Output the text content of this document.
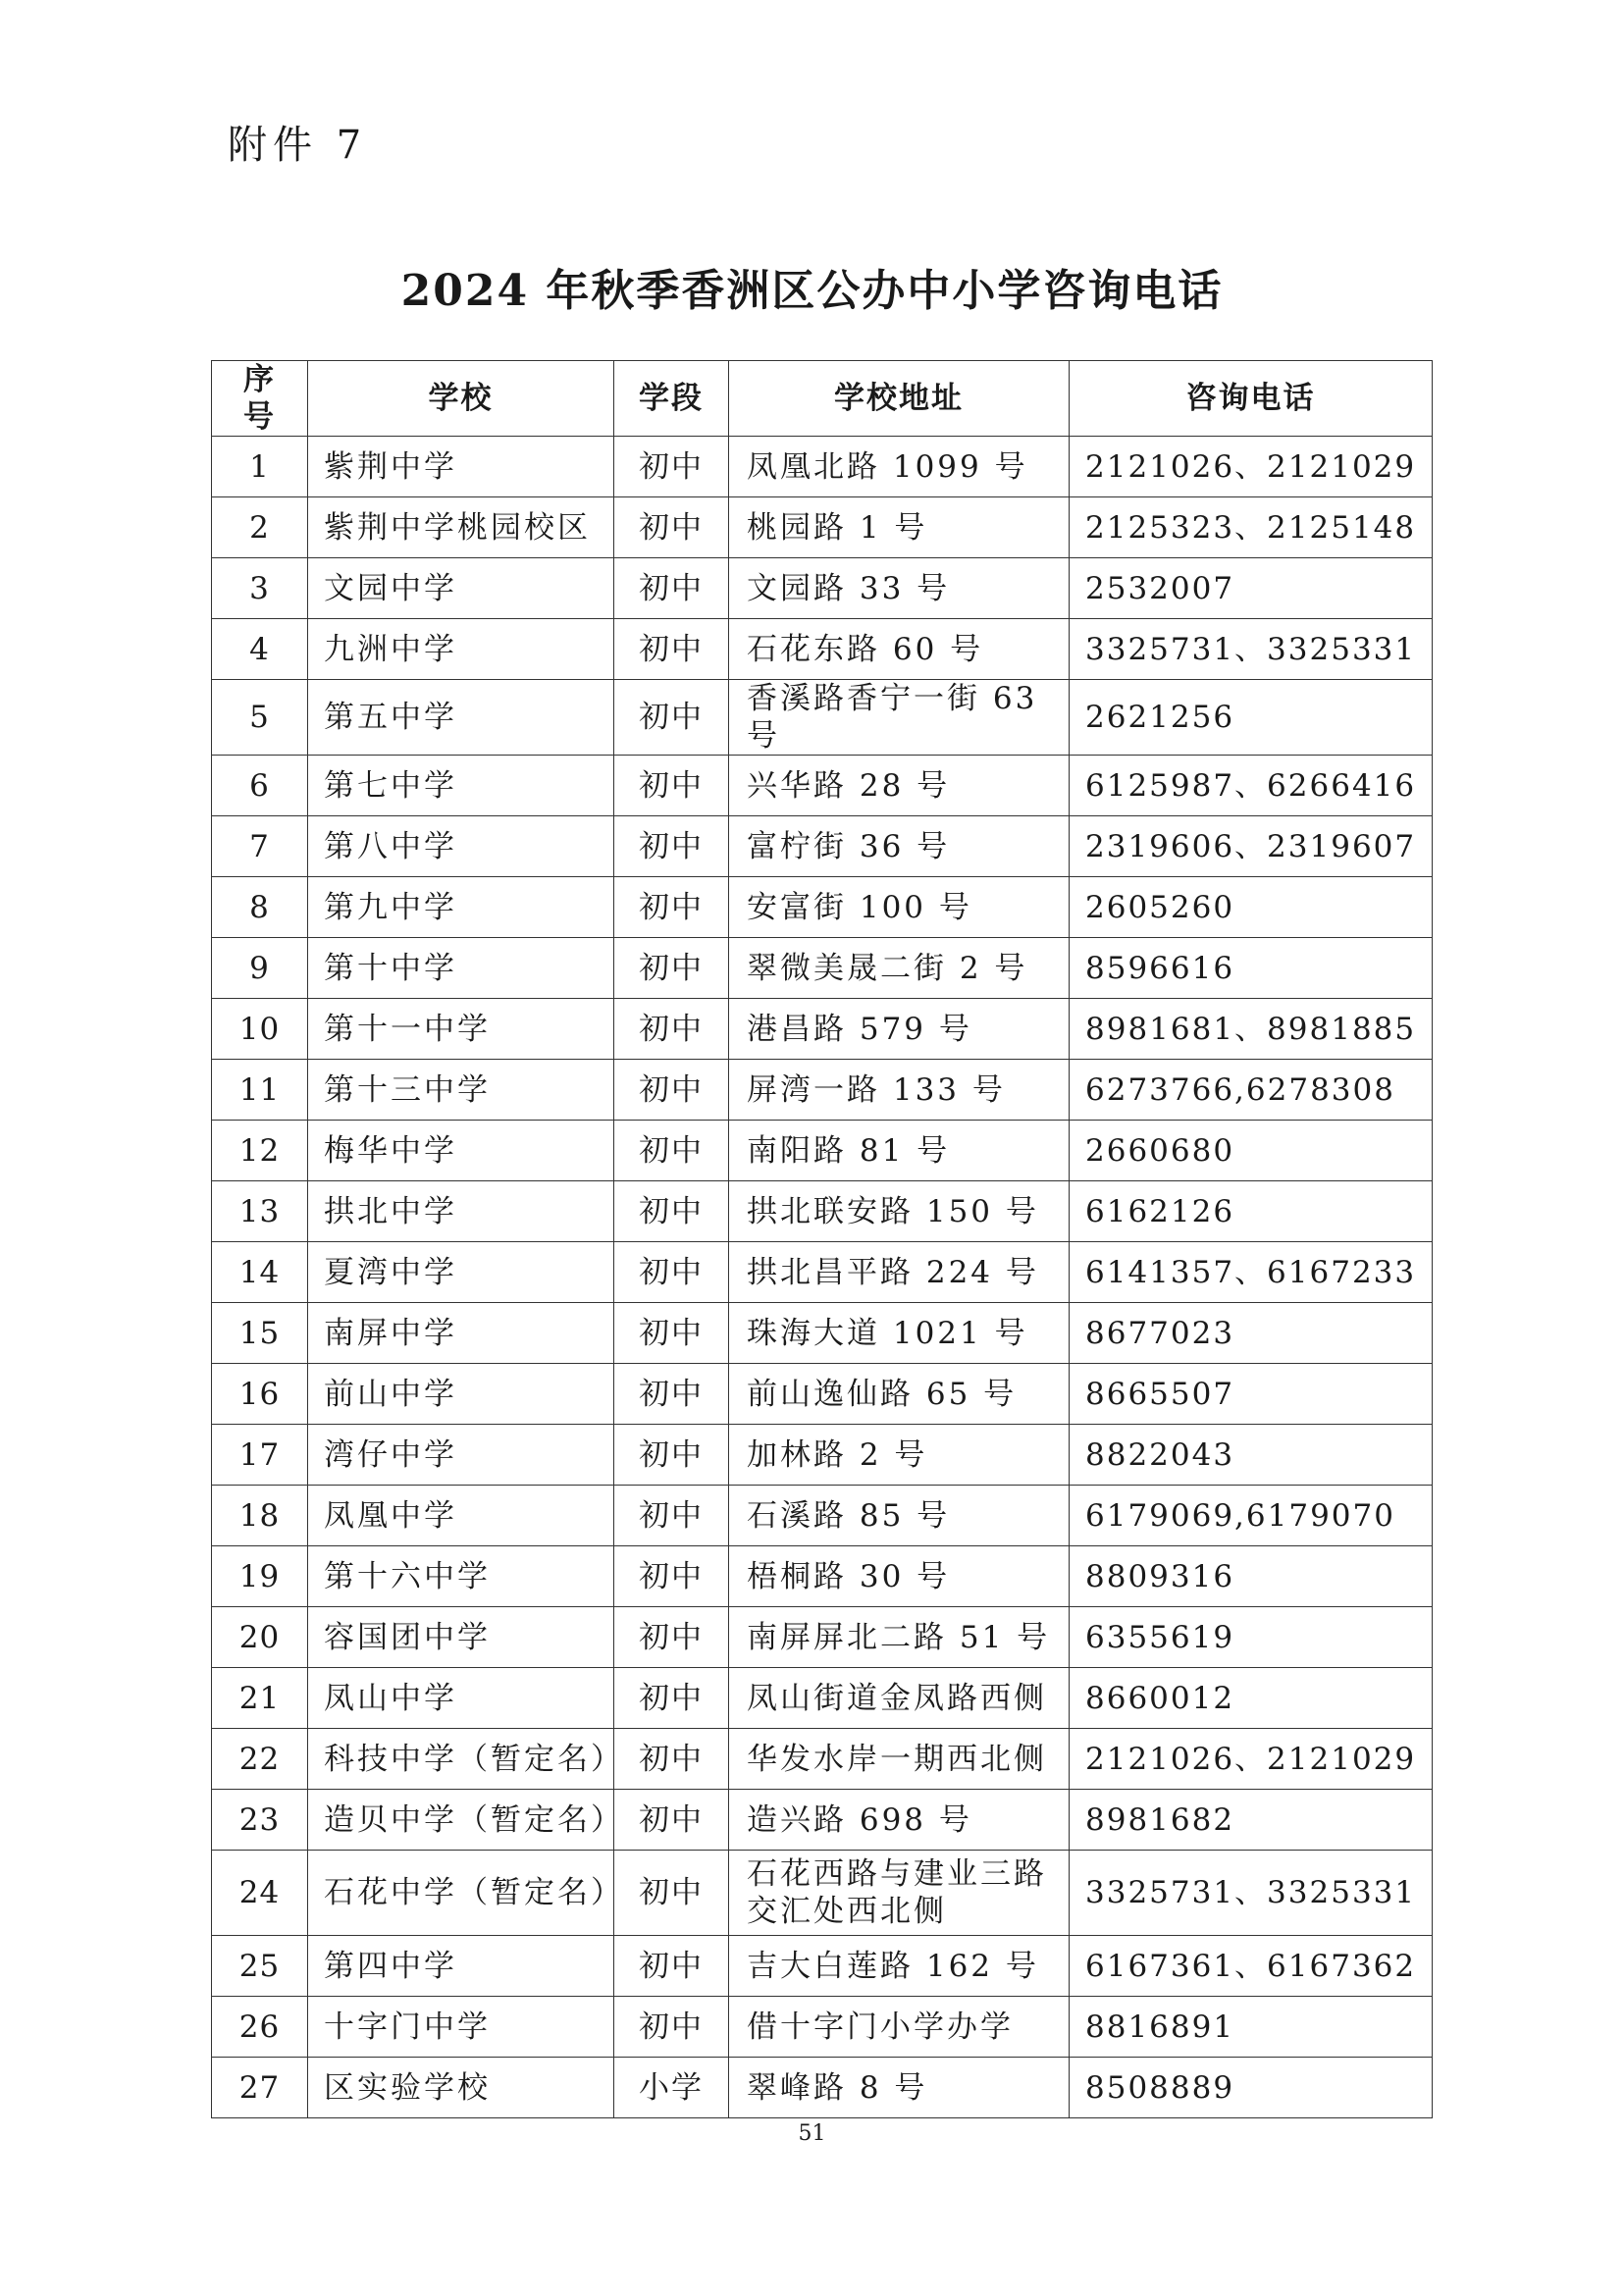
附件 7
2024 年秋季香洲区公办中小学咨询电话
序号	学校	学段	学校地址	咨询电话
1	紫荆中学	初中	凤凰北路 1099 号	2121026、2121029
2	紫荆中学桃园校区	初中	桃园路 1 号	2125323、2125148
3	文园中学	初中	文园路 33 号	2532007
4	九洲中学	初中	石花东路 60 号	3325731、3325331
5	第五中学	初中	香溪路香宁一街 63 号	2621256
6	第七中学	初中	兴华路 28 号	6125987、6266416
7	第八中学	初中	富柠街 36 号	2319606、2319607
8	第九中学	初中	安富街 100 号	2605260
9	第十中学	初中	翠微美晟二街 2 号	8596616
10	第十一中学	初中	港昌路 579 号	8981681、8981885
11	第十三中学	初中	屏湾一路 133 号	6273766,6278308
12	梅华中学	初中	南阳路 81 号	2660680
13	拱北中学	初中	拱北联安路 150 号	6162126
14	夏湾中学	初中	拱北昌平路 224 号	6141357、6167233
15	南屏中学	初中	珠海大道 1021 号	8677023
16	前山中学	初中	前山逸仙路 65 号	8665507
17	湾仔中学	初中	加林路 2 号	8822043
18	凤凰中学	初中	石溪路 85 号	6179069,6179070
19	第十六中学	初中	梧桐路 30 号	8809316
20	容国团中学	初中	南屏屏北二路 51 号	6355619
21	凤山中学	初中	凤山街道金凤路西侧	8660012
22	科技中学（暂定名）	初中	华发水岸一期西北侧	2121026、2121029
23	造贝中学（暂定名）	初中	造兴路 698 号	8981682
24	石花中学（暂定名）	初中	石花西路与建业三路交汇处西北侧	3325731、3325331
25	第四中学	初中	吉大白莲路 162 号	6167361、6167362
26	十字门中学	初中	借十字门小学办学	8816891
27	区实验学校	小学	翠峰路 8 号	8508889
51
